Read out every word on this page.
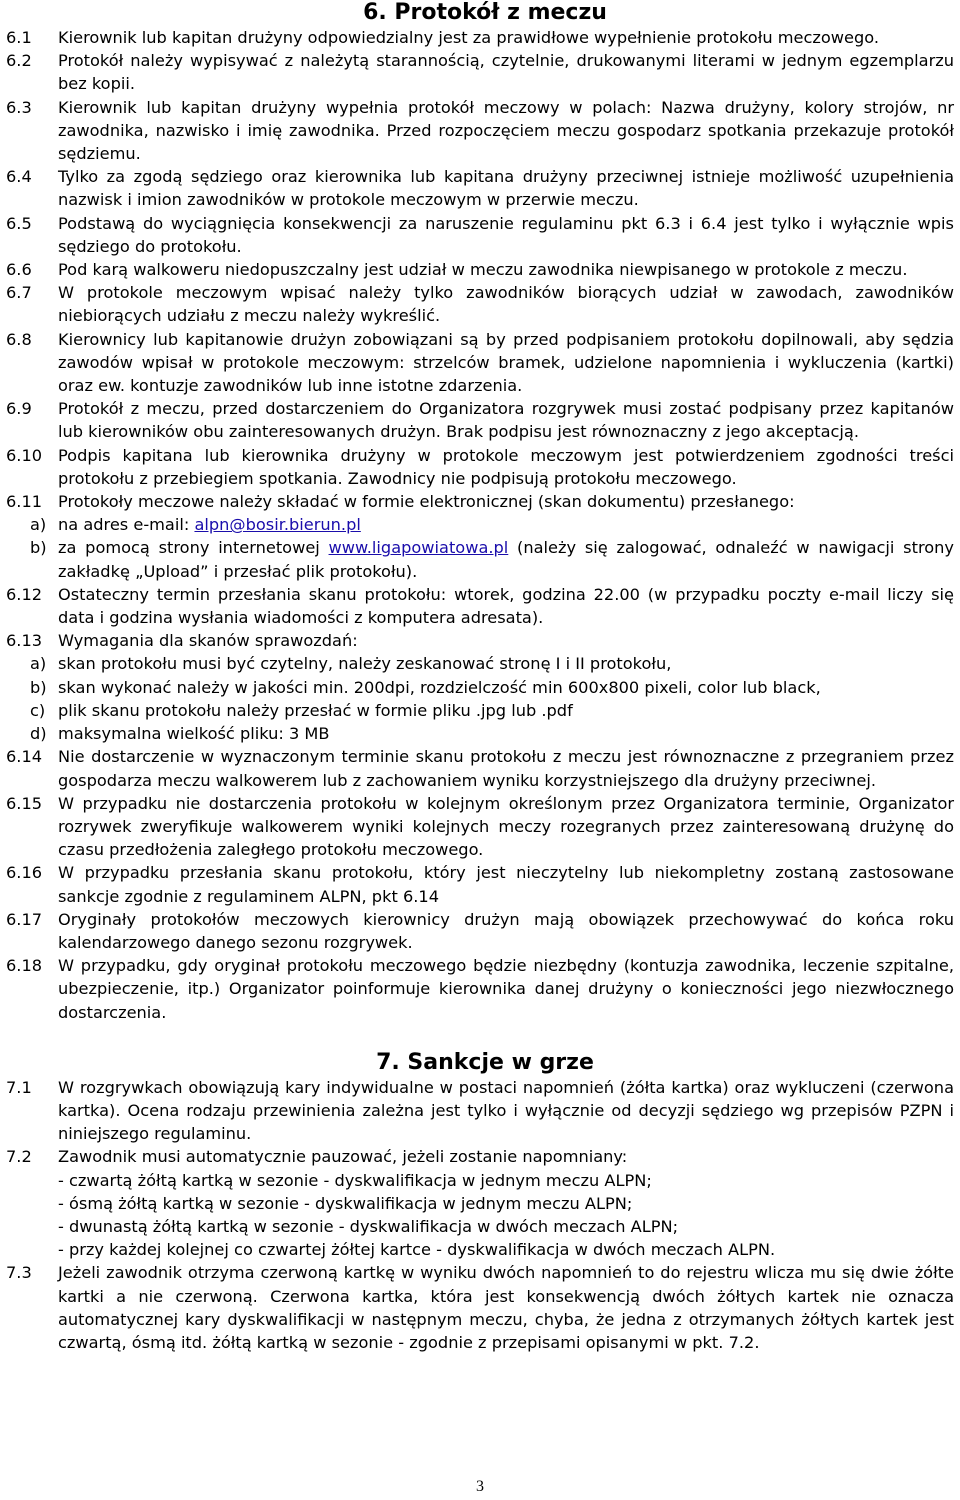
6. Protokół z meczu
6.1	Kierownik lub kapitan drużyny odpowiedzialny jest za prawidłowe wypełnienie protokołu meczowego.

6.2	Protokół należy wypisywać z należytą starannością, czytelnie, drukowanymi literami w jednym egzemplarzu bez kopii.

6.3	Kierownik lub kapitan drużyny wypełnia protokół meczowy w polach: Nazwa drużyny, kolory strojów, nr zawodnika, nazwisko i imię zawodnika. Przed rozpoczęciem meczu gospodarz spotkania przekazuje protokół sędziemu.

6.4	Tylko za zgodą sędziego oraz kierownika lub kapitana drużyny przeciwnej istnieje możliwość uzupełnienia nazwisk i imion zawodników w protokole meczowym w przerwie meczu.

6.5	Podstawą do wyciągnięcia konsekwencji za naruszenie regulaminu pkt 6.3 i 6.4 jest tylko i wyłącznie wpis sędziego do protokołu.

6.6	Pod karą walkoweru niedopuszczalny jest udział w meczu zawodnika niewpisanego w protokole z meczu.

6.7	W protokole meczowym wpisać należy tylko zawodników biorących udział w zawodach, zawodników niebiorących udziału z meczu należy wykreślić.

6.8	Kierownicy lub kapitanowie drużyn zobowiązani są by przed podpisaniem protokołu dopilnowali, aby sędzia zawodów wpisał w protokole meczowym: strzelców bramek, udzielone napomnienia i wykluczenia (kartki) oraz ew. kontuzje zawodników lub inne istotne zdarzenia.

6.9	Protokół z meczu, przed dostarczeniem do Organizatora rozgrywek musi zostać podpisany przez kapitanów lub kierowników obu zainteresowanych drużyn. Brak podpisu jest równoznaczny z jego akceptacją.

6.10 Podpis kapitana lub kierownika drużyny w protokole meczowym jest potwierdzeniem zgodności treści protokołu z przebiegiem spotkania. Zawodnicy nie podpisują protokołu meczowego.

6.11 Protokoły meczowe należy składać w formie elektronicznej (skan dokumentu) przesłanego:

a) na adres e-mail: alpn@bosir.bierun.pl
b) za pomocą strony internetowej www.ligapowiatowa.pl (należy się zalogować, odnaleźć w nawigacji strony zakładkę „Upload” i przesłać plik protokołu).
6.12 Ostateczny termin przesłania skanu protokołu: wtorek, godzina 22.00 (w przypadku poczty e-mail liczy się data i godzina wysłania wiadomości z komputera adresata).

6.13 Wymagania dla skanów sprawozdań:

a) skan protokołu musi być czytelny, należy zeskanować stronę I i II protokołu,
b) skan wykonać należy w jakości min. 200dpi, rozdzielczość min 600x800 pixeli, color lub black,
c) plik skanu protokołu należy przesłać w formie pliku .jpg lub .pdf
d) maksymalna wielkość pliku: 3 MB
6.14 Nie dostarczenie w wyznaczonym terminie skanu protokołu z meczu jest równoznaczne z przegraniem przez gospodarza meczu walkowerem lub z zachowaniem wyniku korzystniejszego dla drużyny przeciwnej.

6.15 W przypadku nie dostarczenia protokołu w kolejnym określonym przez Organizatora terminie, Organizator rozrywek zweryfikuje walkowerem wyniki kolejnych meczy rozegranych przez zainteresowaną drużynę do czasu przedłożenia zaległego protokołu meczowego.

6.16 W przypadku przesłania skanu protokołu, który jest nieczytelny lub niekompletny zostaną zastosowane sankcje zgodnie z regulaminem ALPN, pkt 6.14

6.17 Oryginały protokołów meczowych kierownicy drużyn mają obowiązek przechowywać do końca roku kalendarzowego danego sezonu rozgrywek.

6.18 W przypadku, gdy oryginał protokołu meczowego będzie niezbędny (kontuzja zawodnika, leczenie szpitalne, ubezpieczenie, itp.) Organizator poinformuje kierownika danej drużyny o konieczności jego niezwłocznego dostarczenia.

7. Sankcje w grze
7.1	W rozgrywkach obowiązują kary indywidualne w postaci napomnień (żółta kartka) oraz wykluczeni (czerwona kartka). Ocena rodzaju przewinienia zależna jest tylko i wyłącznie od decyzji sędziego wg przepisów PZPN i niniejszego regulaminu.

7.2	Zawodnik musi automatycznie pauzować, jeżeli zostanie napomniany:
- czwartą żółtą kartką w sezonie - dyskwalifikacja w jednym meczu ALPN;
- ósmą żółtą kartką w sezonie - dyskwalifikacja w jednym meczu ALPN;
- dwunastą żółtą kartką w sezonie - dyskwalifikacja w dwóch meczach ALPN;
- przy każdej kolejnej co czwartej żółtej kartce - dyskwalifikacja w dwóch meczach ALPN.
7.3	Jeżeli zawodnik otrzyma czerwoną kartkę w wyniku dwóch napomnień to do rejestru wlicza mu się dwie żółte kartki a nie czerwoną. Czerwona kartka, która jest konsekwencją dwóch żółtych kartek nie oznacza automatycznej kary dyskwalifikacji w następnym meczu, chyba, że jedna z otrzymanych żółtych kartek jest czwartą, ósmą itd. żółtą kartką w sezonie - zgodnie z przepisami opisanymi w pkt. 7.2.

3
